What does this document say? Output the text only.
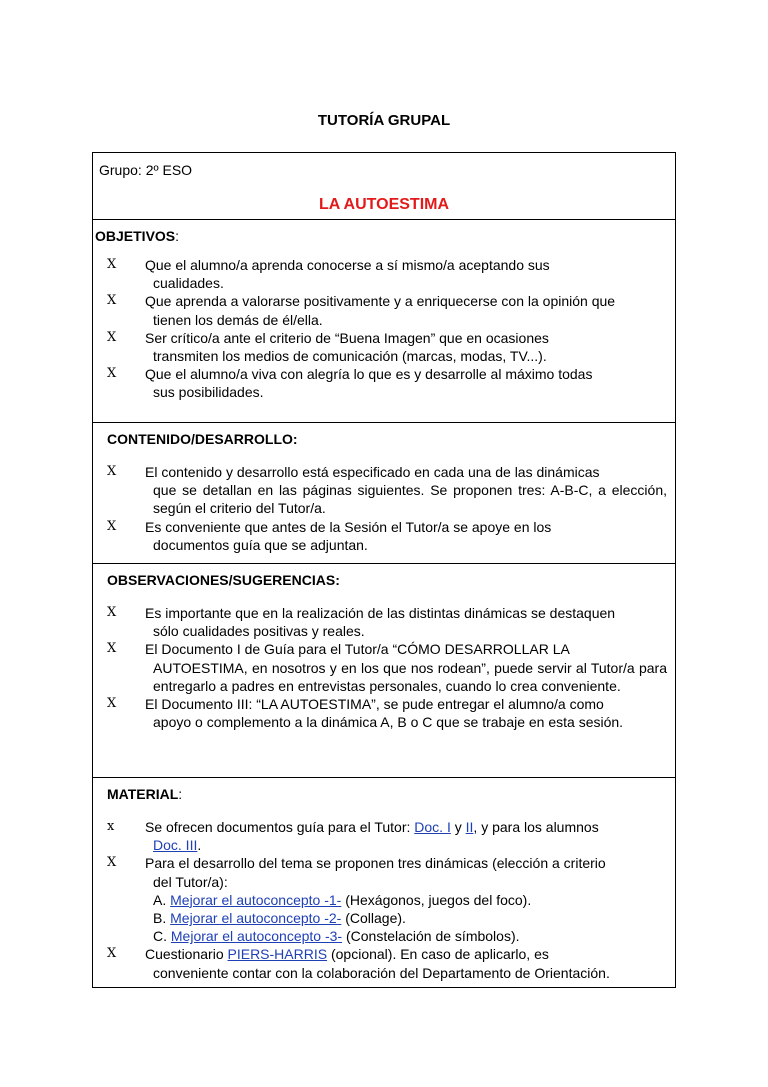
TUTORÍA GRUPAL
Grupo: 2º ESO
LA AUTOESTIMA
OBJETIVOS:
X Que el alumno/a aprenda conocerse a sí mismo/a aceptando sus
cualidades.
X Que aprenda a valorarse positivamente y a enriquecerse con la opinión que
tienen los demás de él/ella.
X Ser crítico/a ante el criterio de “Buena Imagen” que en ocasiones
transmiten los medios de comunicación (marcas, modas, TV...).
X Que el alumno/a viva con alegría lo que es y desarrolle al máximo todas
sus posibilidades.
CONTENIDO/DESARROLLO:
X El contenido y desarrollo está especificado en cada una de las dinámicas
que se detallan en las páginas siguientes. Se proponen tres: A-B-C, a elección, según el criterio del Tutor/a.
X Es conveniente que antes de la Sesión el Tutor/a se apoye en los
documentos guía que se adjuntan.
OBSERVACIONES/SUGERENCIAS:
X Es importante que en la realización de las distintas dinámicas se destaquen
sólo cualidades positivas y reales.
X El Documento I de Guía para el Tutor/a “CÓMO DESARROLLAR LA
AUTOESTIMA, en nosotros y en los que nos rodean”, puede servir al Tutor/a para entregarlo a padres en entrevistas personales, cuando lo crea conveniente.
X El Documento III: “LA AUTOESTIMA”, se pude entregar el alumno/a como
apoyo o complemento a la dinámica A, B o C que se trabaje en esta sesión.
MATERIAL:
x Se ofrecen documentos guía para el Tutor: Doc. I y II, y para los alumnos
Doc. III.
X Para el desarrollo del tema se proponen tres dinámicas (elección a criterio
del Tutor/a):
A. Mejorar el autoconcepto -1- (Hexágonos, juegos del foco).
B. Mejorar el autoconcepto -2- (Collage).
C. Mejorar el autoconcepto -3- (Constelación de símbolos).
X Cuestionario PIERS-HARRIS (opcional). En caso de aplicarlo, es
conveniente contar con la colaboración del Departamento de Orientación.
